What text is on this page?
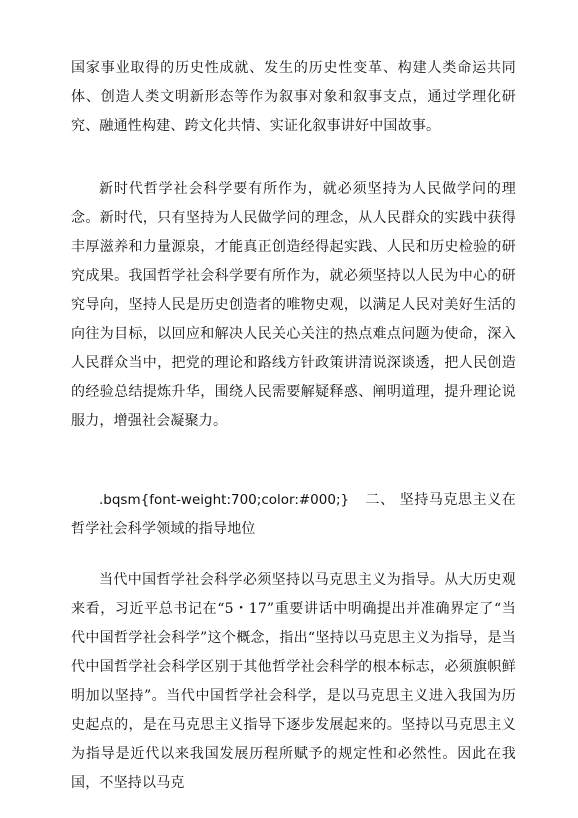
国家事业取得的历史性成就、发生的历史性变革、构建人类命运共同体、创造人类文明新形态等作为叙事对象和叙事支点，通过学理化研究、融通性构建、跨文化共情、实证化叙事讲好中国故事。

新时代哲学社会科学要有所作为，就必须坚持为人民做学问的理念。新时代，只有坚持为人民做学问的理念，从人民群众的实践中获得丰厚滋养和力量源泉，才能真正创造经得起实践、人民和历史检验的研究成果。我国哲学社会科学要有所作为，就必须坚持以人民为中心的研究导向，坚持人民是历史创造者的唯物史观，以满足人民对美好生活的向往为目标，以回应和解决人民关心关注的热点难点问题为使命，深入人民群众当中，把党的理论和路线方针政策讲清说深谈透，把人民创造的经验总结提炼升华，围绕人民需要解疑释惑、阐明道理，提升理论说服力，增强社会凝聚力。

.bqsm{font-weight:700;color:#000;} 二、 坚持马克思主义在哲学社会科学领域的指导地位

当代中国哲学社会科学必须坚持以马克思主义为指导。从大历史观来看，习近平总书记在“5・17”重要讲话中明确提出并准确界定了“当代中国哲学社会科学”这个概念，指出“坚持以马克思主义为指导，是当代中国哲学社会科学区别于其他哲学社会科学的根本标志，必须旗帜鲜明加以坚持”。当代中国哲学社会科学，是以马克思主义进入我国为历史起点的，是在马克思主义指导下逐步发展起来的。坚持以马克思主义为指导是近代以来我国发展历程所赋予的规定性和必然性。因此在我国，不坚持以马克
